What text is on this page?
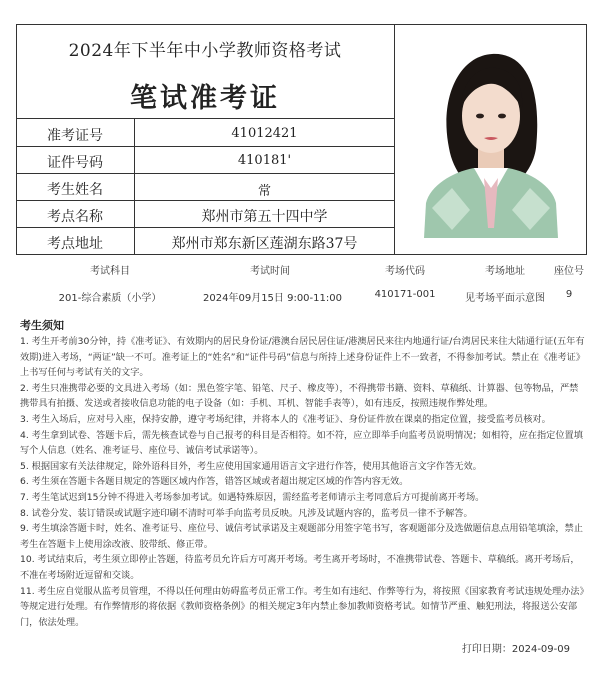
2024年下半年中小学教师资格考试
笔试准考证
准考证号	41012421
证件号码	410181'
考生姓名	常
考点名称	郑州市第五十四中学
考点地址	郑州市郑东新区莲湖东路37号
考试科目	考试时间	考场代码	考场地址	座位号
201-综合素质（小学）	2024年09月15日 9:00-11:00	410171-001	见考场平面示意图	9
考生须知

1. 考生开考前30分钟，持《准考证》、有效期内的居民身份证/港澳台居民居住证/港澳居民来往内地通行证/台湾居民来往大陆通行证(五年有效期)进入考场，“两证”缺一不可。准考证上的“姓名”和“证件号码”信息与所持上述身份证件上不一致者，不得参加考试。禁止在《准考证》上书写任何与考试有关的文字。

2. 考生只准携带必要的文具进入考场（如：黑色签字笔、铅笔、尺子、橡皮等），不得携带书籍、资料、草稿纸、计算器、包等物品，严禁携带具有拍摄、发送或者接收信息功能的电子设备（如：手机、耳机、智能手表等），如有违反，按照违规作弊处理。

3. 考生入场后，应对号入座，保持安静，遵守考场纪律，并将本人的《准考证》、身份证件放在课桌的指定位置，接受监考员核对。

4. 考生拿到试卷、答题卡后，需先核查试卷与自己报考的科目是否相符。如不符，应立即举手向监考员说明情况；如相符，应在指定位置填写个人信息（姓名、准考证号、座位号、诚信考试承诺等）。

5. 根据国家有关法律规定，除外语科目外，考生应使用国家通用语言文字进行作答，使用其他语言文字作答无效。

6. 考生须在答题卡各题目规定的答题区域内作答，错答区域或者超出规定区域的作答内容无效。

7. 考生笔试迟到15分钟不得进入考场参加考试。如遇特殊原因，需经监考老师请示主考同意后方可提前离开考场。

8. 试卷分发、装订错误或试题字迹印刷不清时可举手向监考员反映。凡涉及试题内容的，监考员一律不予解答。

9. 考生填涂答题卡时，姓名、准考证号、座位号、诚信考试承诺及主观题部分用签字笔书写，客观题部分及选做题信息点用铅笔填涂，禁止考生在答题卡上使用涂改液、胶带纸、修正带。

10. 考试结束后，考生须立即停止答题，待监考员允许后方可离开考场。考生离开考场时，不准携带试卷、答题卡、草稿纸。离开考场后，不准在考场附近逗留和交谈。

11. 考生应自觉服从监考员管理，不得以任何理由妨碍监考员正常工作。考生如有违纪、作弊等行为，将按照《国家教育考试违规处理办法》等规定进行处理。有作弊情形的将依据《教师资格条例》的相关规定3年内禁止参加教师资格考试。如情节严重、触犯刑法，将报送公安部门，依法处理。

打印日期：2024-09-09
